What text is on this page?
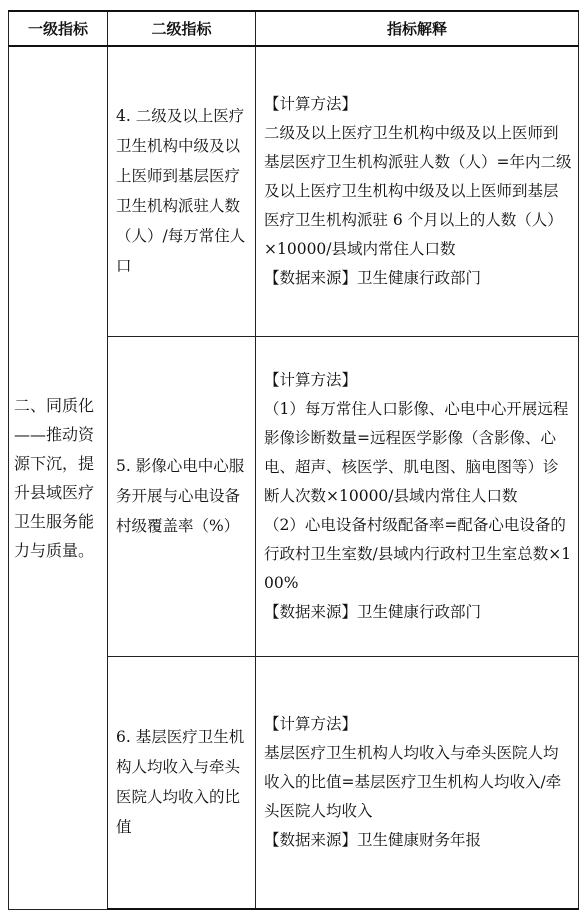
一级指标	二级指标	指标解释
二、同质化——推动资源下沉，提升县域医疗卫生服务能力与质量。	4. 二级及以上医疗卫生机构中级及以上医师到基层医疗卫生机构派驻人数（人）/每万常住人口	【计算方法】
二级及以上医疗卫生机构中级及以上医师到基层医疗卫生机构派驻人数（人）=年内二级及以上医疗卫生机构中级及以上医师到基层医疗卫生机构派驻 6 个月以上的人数（人）×10000/县域内常住人口数
【数据来源】卫生健康行政部门

	5. 影像心电中心服务开展与心电设备村级覆盖率（%）	【计算方法】
（1）每万常住人口影像、心电中心开展远程影像诊断数量=远程医学影像（含影像、心电、超声、核医学、肌电图、脑电图等）诊断人次数×10000/县域内常住人口数
（2）心电设备村级配备率=配备心电设备的行政村卫生室数/县域内行政村卫生室总数×100%
【数据来源】卫生健康行政部门

	6. 基层医疗卫生机构人均收入与牵头医院人均收入的比值	【计算方法】
基层医疗卫生机构人均收入与牵头医院人均收入的比值=基层医疗卫生机构人均收入/牵头医院人均收入
【数据来源】卫生健康财务年报
